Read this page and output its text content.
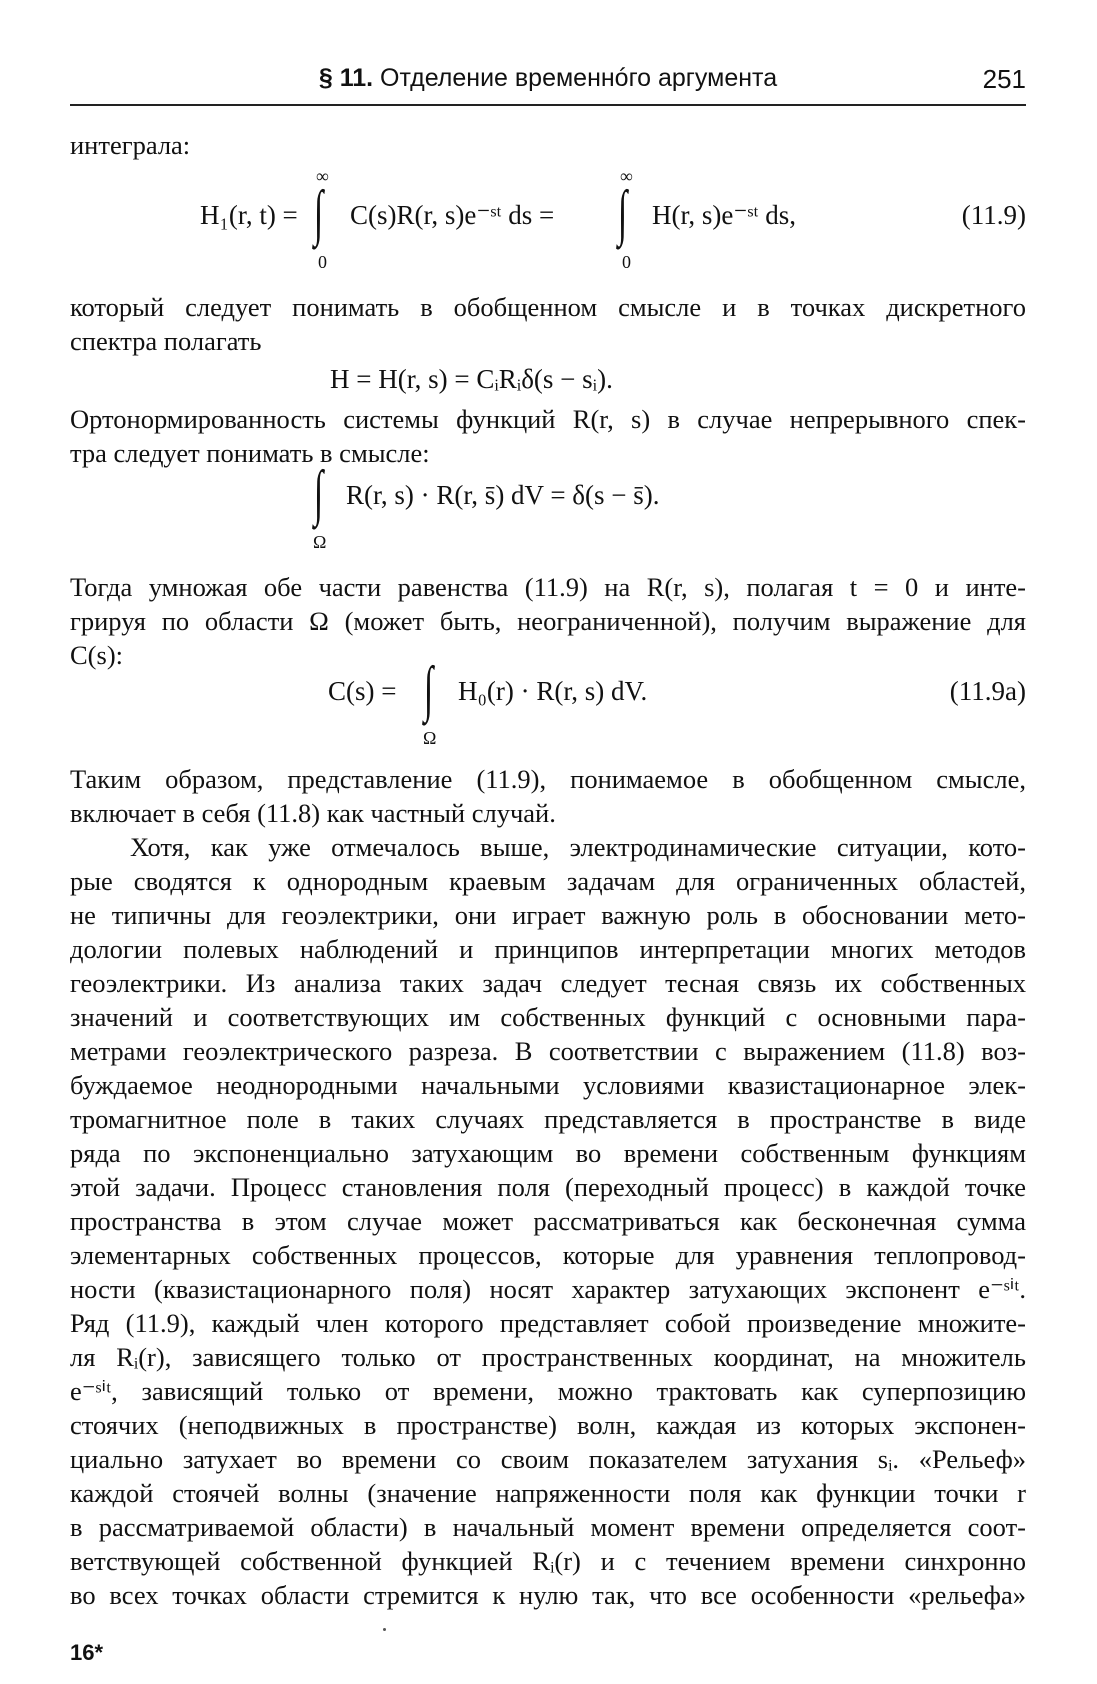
§ 11. Отделение временнóго аргумента	251
интеграла:
H₁(r, t) =
∞
∫
0
C(s)R(r, s)e⁻ˢᵗ ds =
∞
∫
0
H(r, s)e⁻ˢᵗ ds,	(11.9)
который следует понимать в обобщенном смысле и в точках дискретного
спектра полагать
H = H(r, s) = CᵢRᵢδ(s − sᵢ).
Ортонормированность системы функций R(r, s) в случае непрерывного спек-
тра следует понимать в смысле:
∫
Ω
R(r, s) · R(r, s̄) dV = δ(s − s̄).
Тогда умножая обе части равенства (11.9) на R(r, s), полагая t = 0 и инте-
грируя по области Ω (может быть, неограниченной), получим выражение для
C(s):
C(s) = ∫
Ω
H₀(r) · R(r, s) dV.	(11.9a)
Таким образом, представление (11.9), понимаемое в обобщенном смысле,
включает в себя (11.8) как частный случай.
Хотя, как уже отмечалось выше, электродинамические ситуации, кото-
рые сводятся к однородным краевым задачам для ограниченных областей,
не типичны для геоэлектрики, они играет важную роль в обосновании мето-
дологии полевых наблюдений и принципов интерпретации многих методов
геоэлектрики. Из анализа таких задач следует тесная связь их собственных
значений и соответствующих им собственных функций с основными пара-
метрами геоэлектрического разреза. В соответствии с выражением (11.8) воз-
буждаемое неоднородными начальными условиями квазистационарное элек-
тромагнитное поле в таких случаях представляется в пространстве в виде
ряда по экспоненциально затухающим во времени собственным функциям
этой задачи. Процесс становления поля (переходный процесс) в каждой точке
пространства в этом случае может рассматриваться как бесконечная сумма
элементарных собственных процессов, которые для уравнения теплопровод-
ности (квазистационарного поля) носят характер затухающих экспонент e⁻ˢⁱᵗ.
Ряд (11.9), каждый член которого представляет собой произведение множите-
ля Rᵢ(r), зависящего только от пространственных координат, на множитель
e⁻ˢⁱᵗ, зависящий только от времени, можно трактовать как суперпозицию
стоячих (неподвижных в пространстве) волн, каждая из которых экспонен-
циально затухает во времени со своим показателем затухания sᵢ. «Рельеф»
каждой стоячей волны (значение напряженности поля как функции точки r
в рассматриваемой области) в начальный момент времени определяется соот-
ветствующей собственной функцией Rᵢ(r) и с течением времени синхронно
во всех точках области стремится к нулю так, что все особенности «рельефа»
16*
